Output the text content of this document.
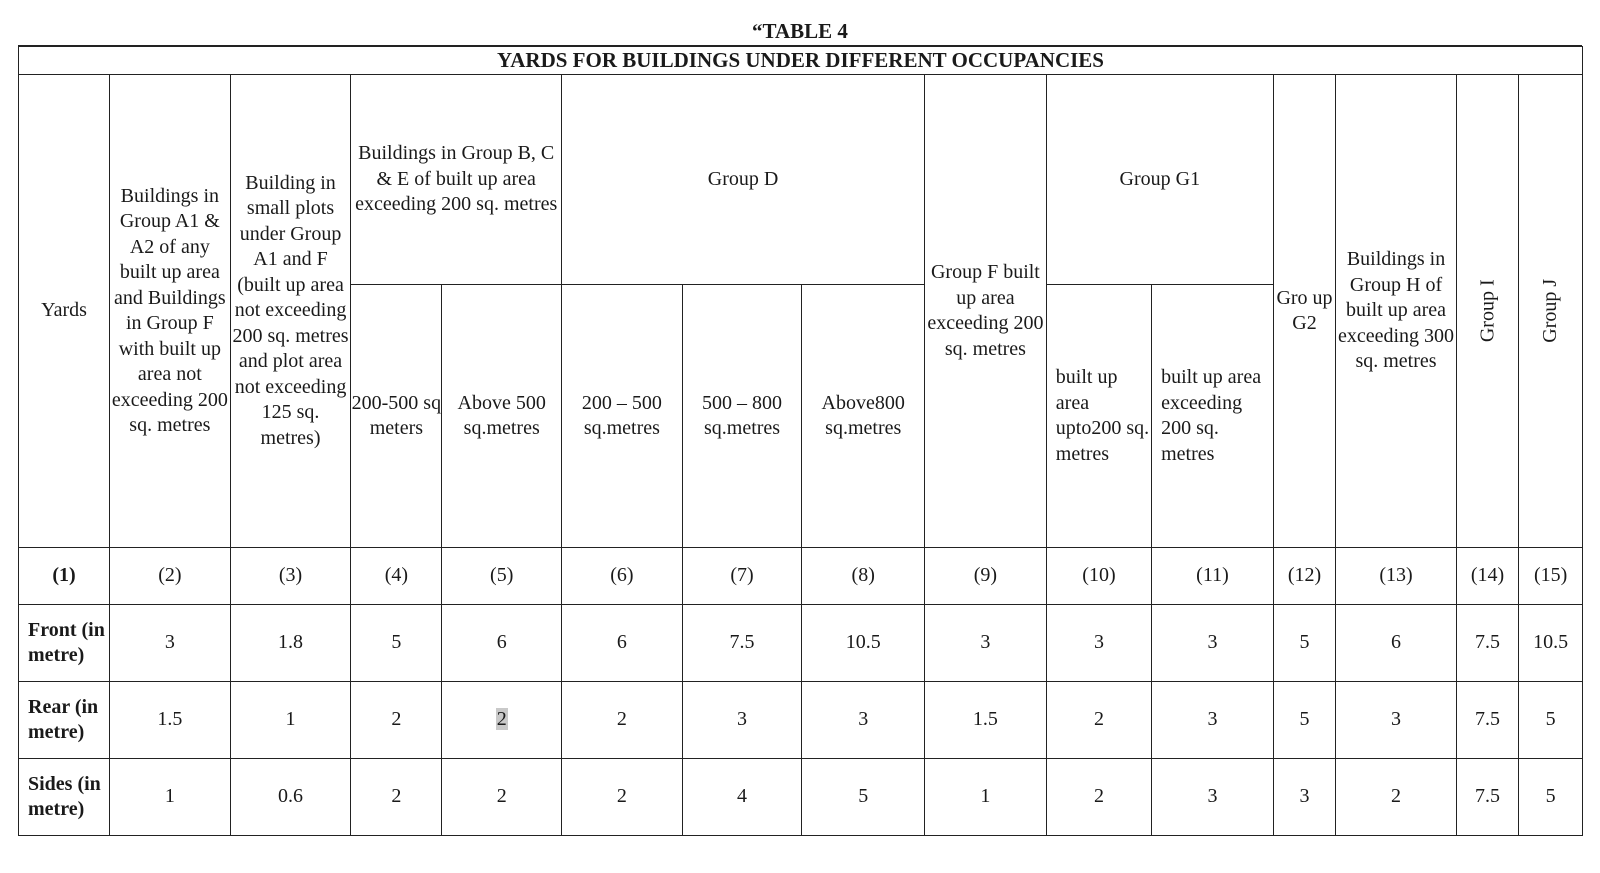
“TABLE 4
YARDS FOR BUILDINGS UNDER DIFFERENT OCCUPANCIES														
Yards	Buildings in Group A1 & A2 of any built up area and Buildings in Group F with built up area not exceeding 200 sq. metres	Building in small plots under Group A1 and F (built up area not exceeding 200 sq. metres and plot area not exceeding 125 sq. metres)	Buildings in Group B, C & E of built up area exceeding 200 sq. metres		Group D			Group F built up area exceeding 200 sq. metres	Group G1		Gro up G2	Buildings in Group H of built up area exceeding 300 sq. metres	Group I	Group J
			200-500 sq meters	Above 500 sq.metres	200 – 500 sq.metres	500 – 800 sq.metres	Above800 sq.metres		built up area upto200 sq. metres	built up area exceeding 200 sq. metres				
(1)	(2)	(3)	(4)	(5)	(6)	(7)	(8)	(9)	(10)	(11)	(12)	(13)	(14)	(15)
Front (in metre)	3	1.8	5	6	6	7.5	10.5	3	3	3	5	6	7.5	10.5
Rear (in metre)	1.5	1	2	2	2	3	3	1.5	2	3	5	3	7.5	5
Sides (in metre)	1	0.6	2	2	2	4	5	1	2	3	3	2	7.5	5
